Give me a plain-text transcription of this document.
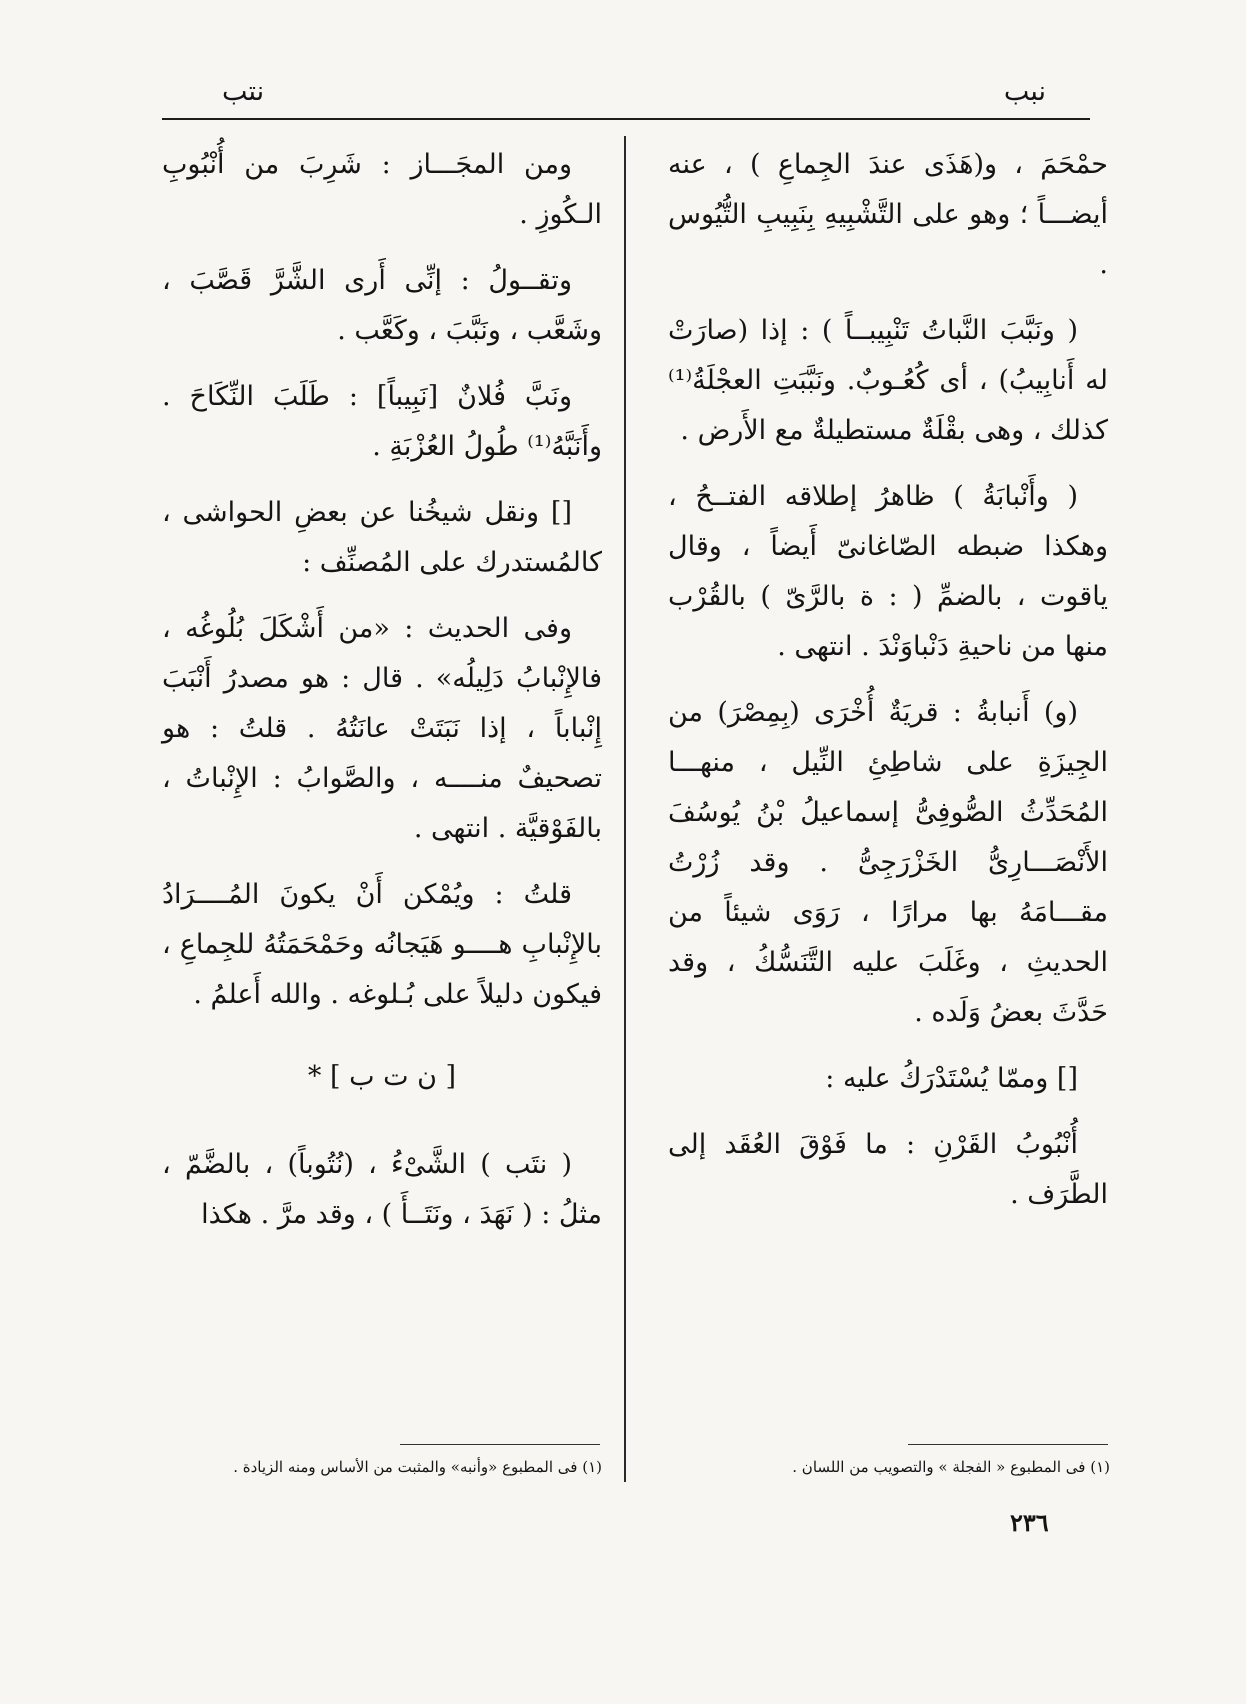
نبب
نتب

حمْحَمَ ، و(هَذَى عندَ الجِماعِ ) ، عنه أيضـــاً ؛ وهو على التَّشْبِيهِ بِنَبِيبِ التُّيُوس .

( ونَبَّبَ النَّباتُ تَنْبِيبــاً ) : إذا (صارَتْ له أَنابِيبُ) ، أى كُعُـوبٌ. ونَبَّبَتِ العجْلَةُ⁽¹⁾ كذلك ، وهى بقْلَةٌ مستطيلةٌ مع الأَرض .

( وأَنْبابَةُ ) ظاهرُ إطلاقه الفتــحُ ، وهكذا ضبطه الصّاغانىّ أَيضاً ، وقال ياقوت ، بالضمِّ ( : ة بالرَّىّ ) بالقُرْب منها من ناحيةِ دَنْباوَنْدَ . انتهى .

(و) أَنبابةُ : قريَةٌ أُخْرَى (بِمِصْرَ) من الجِيزَةِ على شاطِئِ النِّيل ، منهـــا المُحَدِّثُ الصُّوفِىُّ إسماعيلُ بْنُ يُوسُفَ الأَنْصَـــارِىُّ الخَزْرَجِىُّ . وقد زُرْتُ مقـــامَهُ بها مرارًا ، رَوَى شيئاً من الحديثِ ، وغَلَبَ عليه التَّنَسُّكُ ، وقد حَدَّثَ بعضُ وَلَده .

[] وممّا يُسْتَدْرَكُ عليه :

أُنْبُوبُ القَرْنِ : ما فَوْقَ العُقَد إلى الطَّرَف .

ومن المجَـــاز : شَرِبَ من أُنْبُوبِ الـكُوزِ .

وتقــولُ : إنِّى أَرى الشَّرَّ قَصَّبَ ، وشَعَّب ، ونَبَّبَ ، وكَعَّب .

ونَبَّ فُلانٌ [نَبِيباً] : طَلَبَ النِّكَاحَ . وأَنَبَّهُ⁽¹⁾ طُولُ العُزْبَةِ .

[] ونقل شيخُنا عن بعضِ الحواشى ، كالمُستدرك على المُصنِّف :

وفى الحديث : «من أَشْكَلَ بُلُوغُه ، فالإِنْبابُ دَلِيلُه» . قال : هو مصدرُ أَنْبَبَ إِنْباباً ، إذا نَبَتَتْ عانَتُهُ . قلتُ : هو تصحيفٌ منــــه ، والصَّوابُ : الإِنْباتُ ، بالفَوْقيَّة . انتهى .

قلتُ : ويُمْكن أَنْ يكونَ المُــــرَادُ بالإِنْبابِ هــــو هَيَجانُه وحَمْحَمَتُهُ للجِماعِ ، فيكون دليلاً على بُـلوغه . والله أَعلمُ .

[ ن ت ب ] *

( نتَب ) الشَّىْءُ ، (نُتُوباً) ، بالضَّمّ ، مثلُ : ( نَهَدَ ، ونَتَــأَ ) ، وقد مرَّ . هكذا

(١) فى المطبوع « الفجلة » والتصويب من اللسان .
(١) فى المطبوع «وأنبه» والمثبت من الأساس ومنه الزيادة .
٢٣٦
